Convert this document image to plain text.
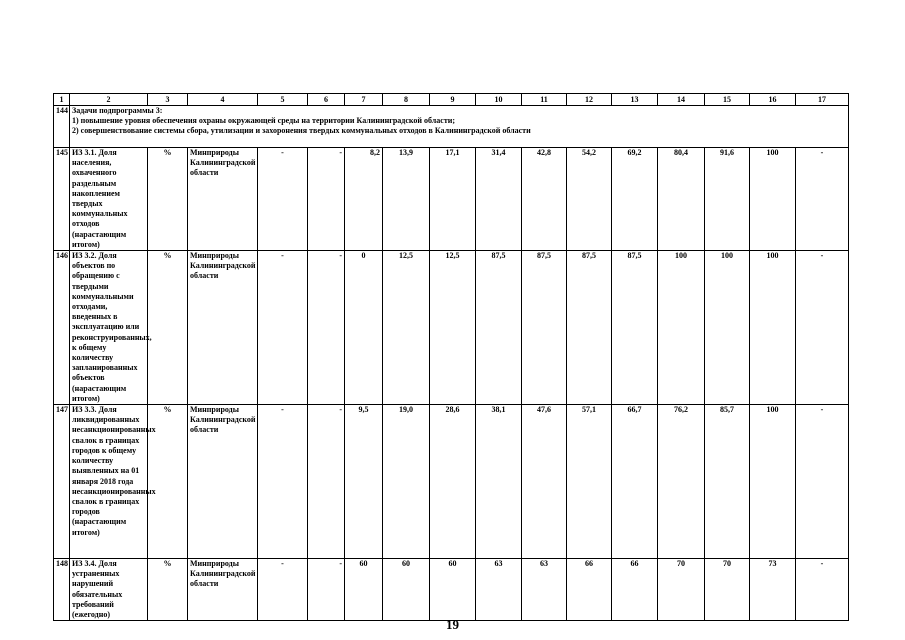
1	2	3	4	5	6	7	8	9	10	11	12	13	14	15	16	17
144	Задачи подпрограммы 3:
1) повышение уровня обеспечения охраны окружающей среды на территории Калининградской области;
2) совершенствование системы сбора, утилизации и захоронения твердых коммунальных отходов в Калининградской области															

145	ИЗ 3.1. Доля населения, охваченного раздельным накоплением твердых коммунальных отходов (нарастающим итогом)	%	Минприроды Калининградской области	-	-	8,2	13,9	17,1	31,4	42,8	54,2	69,2	80,4	91,6	100	-
146	ИЗ 3.2. Доля объектов по обращению с твердыми коммунальными отходами, введенных в эксплуатацию или реконструированных, к общему количеству запланированных объектов (нарастающим итогом)	%	Минприроды Калининградской области	-	-	0	12,5	12,5	87,5	87,5	87,5	87,5	100	100	100	-
147	ИЗ 3.3. Доля ликвидированных несанкционированных свалок в границах городов к общему количеству выявленных на 01 января 2018 года несанкционированных свалок в границах городов (нарастающим итогом)	%	Минприроды Калининградской области	-	-	9,5	19,0	28,6	38,1	47,6	57,1	66,7	76,2	85,7	100	-
148	ИЗ 3.4. Доля устраненных нарушений обязательных требований (ежегодно)	%	Минприроды Калининградской области	-	-	60	60	60	63	63	66	66	70	70	73	-
19
